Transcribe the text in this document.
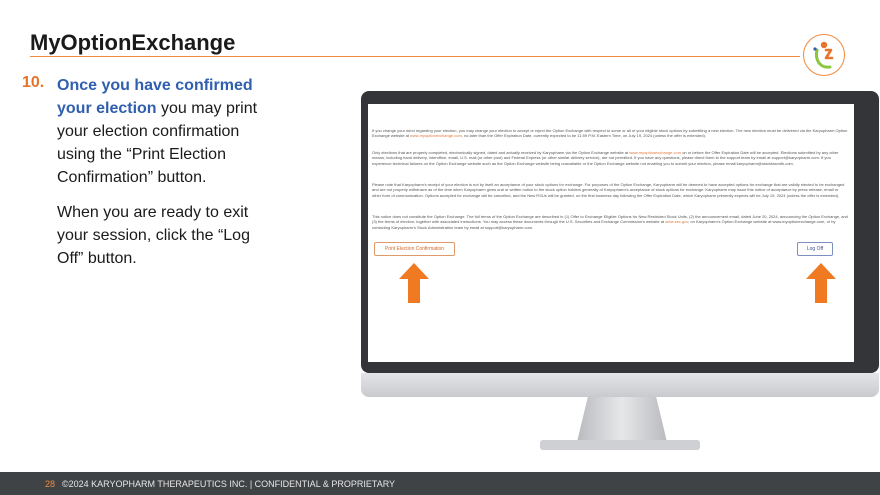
MyOptionExchange
10. Once you have confirmed your election you may print your election confirmation using the “Print Election Confirmation” button.

When you are ready to exit your session, click the “Log Off” button.

If you change your mind regarding your election, you may change your election to accept or reject the Option Exchange with respect to some or all of your eligible stock options by submitting a new election. The new election must be delivered via the Karyopharm Option Exchange website at www.myoptionexchange.com, no later than the Offer Expiration Date, currently expected to be 11:59 P.M. Eastern Time, on July 19, 2024 (unless the offer is extended).
Only elections that are properly completed, electronically signed, dated and actually received by Karyopharm via the Option Exchange website at www.myoptionexchange.com on or before the Offer Expiration Date will be accepted. Elections submitted by any other means, including hand delivery, interoffice, email, U.S. mail (or other post) and Federal Express (or other similar delivery service), are not permitted. If you have any questions, please direct them to the support team by email at support@karyopharm.com. If you experience technical failures on the Option Exchange website such as the Option Exchange website being unavailable or the Option Exchange website not enabling you to submit your election, please email karyopharm@stocktasmith.com.
Please note that Karyopharm's receipt of your election is not by itself an acceptance of your stock options for exchange. For purposes of the Option Exchange, Karyopharm will be deemed to have accepted options for exchange that are validly elected to be exchanged and are not properly withdrawn as of the time when Karyopharm gives oral or written notice to the stock option holders generally of Karyopharm's acceptance of stock options for exchange. Karyopharm may issue this notice of acceptance by press release, email or other form of communication. Options accepted for exchange will be cancelled, and the New RSUs will be granted, on the first business day following the Offer Expiration Date, which Karyopharm presently expects will be July 19, 2024 (unless the offer is extended).
This notice does not constitute the Option Exchange. The full terms of the Option Exchange are described in (1) Offer to Exchange Eligible Options for New Restricted Stock Units, (2) the announcement email, dated June 20, 2024, announcing the Option Exchange, and (3) the terms of election, together with associated instructions. You may access these documents through the U.S. Securities and Exchange Commission's website at www.sec.gov, on Karyopharm's Option Exchange website at www.myoptionexchange.com, or by contacting Karyopharm's Stock Administration team by email at support@karyopharm.com.
Print Election Confirmation	Log Off
28 ©2024 KARYOPHARM THERAPEUTICS INC. | CONFIDENTIAL & PROPRIETARY
